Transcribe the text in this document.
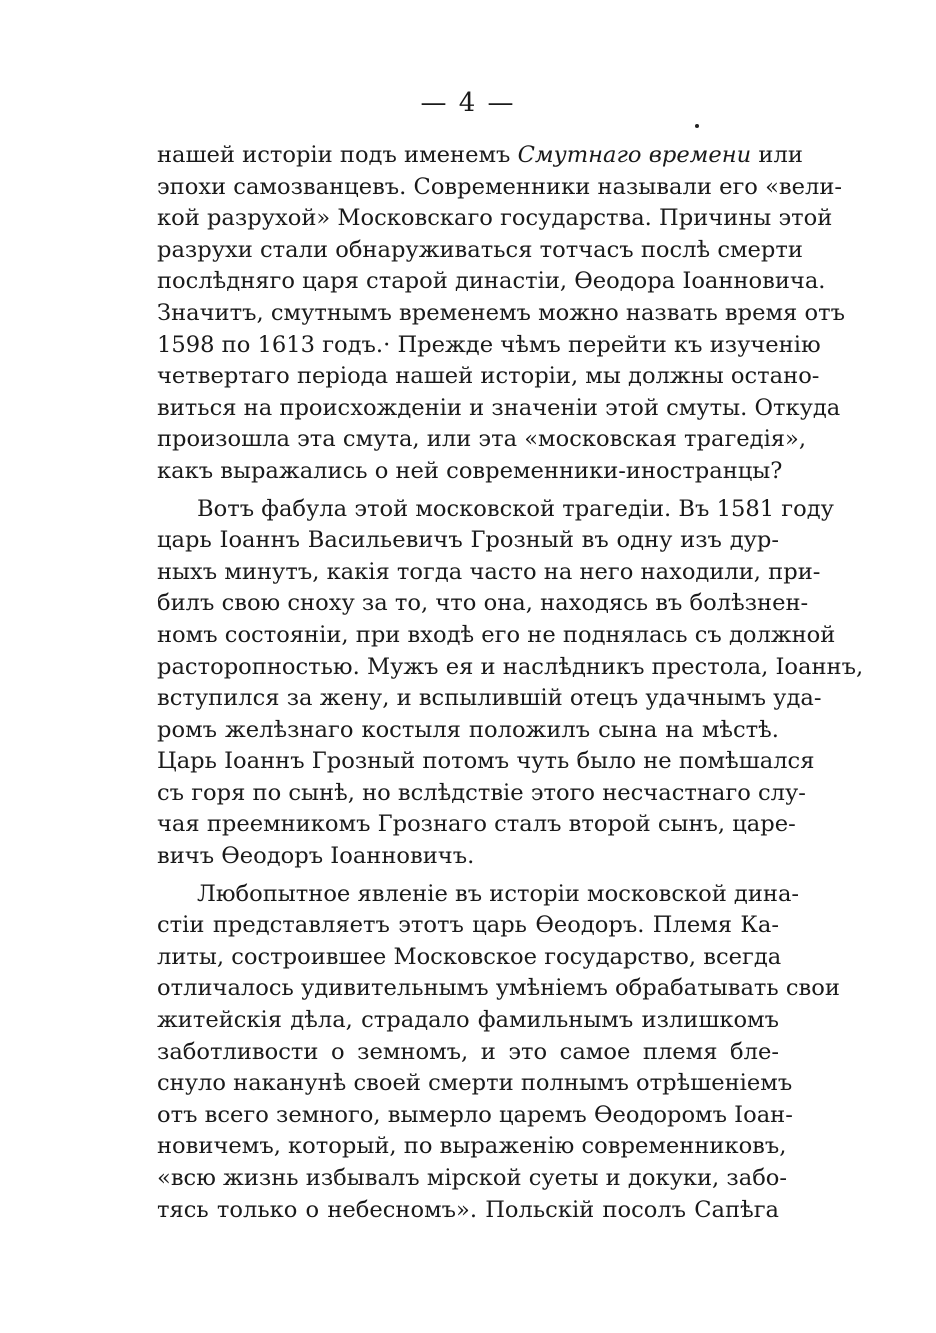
— 4 —
нашей исторіи подъ именемъ Смутнаго времени или
эпохи самозванцевъ. Современники называли его «вели-
кой разрухой» Московскаго государства. Причины этой
разрухи стали обнаруживаться тотчасъ послѣ смерти
послѣдняго царя старой династіи, Өеодора Іоанновича.
Значитъ, смутнымъ временемъ можно назвать время отъ
1598 по 1613 годъ.· Прежде чѣмъ перейти къ изученію
четвертаго періода нашей исторіи, мы должны остано-
виться на происхожденіи и значеніи этой смуты. Откуда
произошла эта смута, или эта «московская трагедія»,
какъ выражались о ней современники-иностранцы?
Вотъ фабула этой московской трагедіи. Въ 1581 году
царь Іоаннъ Васильевичъ Грозный въ одну изъ дур-
ныхъ минутъ, какія тогда часто на него находили, при-
билъ свою сноху за то, что она, находясь въ болѣзнен-
номъ состояніи, при входѣ его не поднялась съ должной
расторопностью. Мужъ ея и наслѣдникъ престола, Іоаннъ,
вступился за жену, и вспылившій отецъ удачнымъ уда-
ромъ желѣзнаго костыля положилъ сына на мѣстѣ.
Царь Іоаннъ Грозный потомъ чуть было не помѣшался
съ горя по сынѣ, но вслѣдствіе этого несчастнаго слу-
чая преемникомъ Грознаго сталъ второй сынъ, царе-
вичъ Өеодоръ Іоанновичъ.
Любопытное явленіе въ исторіи московской дина-
стіи представляетъ этотъ царь Өеодоръ. Племя Ка-
литы, состроившее Московское государство, всегда
отличалось удивительнымъ умѣніемъ обрабатывать свои
житейскія дѣла, страдало фамильнымъ излишкомъ
заботливости о земномъ, и это самое племя бле-
снуло наканунѣ своей смерти полнымъ отрѣшеніемъ
отъ всего земного, вымерло царемъ Өеодоромъ Іоан-
новичемъ, который, по выраженію современниковъ,
«всю жизнь избывалъ мірской суеты и докуки, забо-
тясь только о небесномъ». Польскій посолъ Сапѣга
